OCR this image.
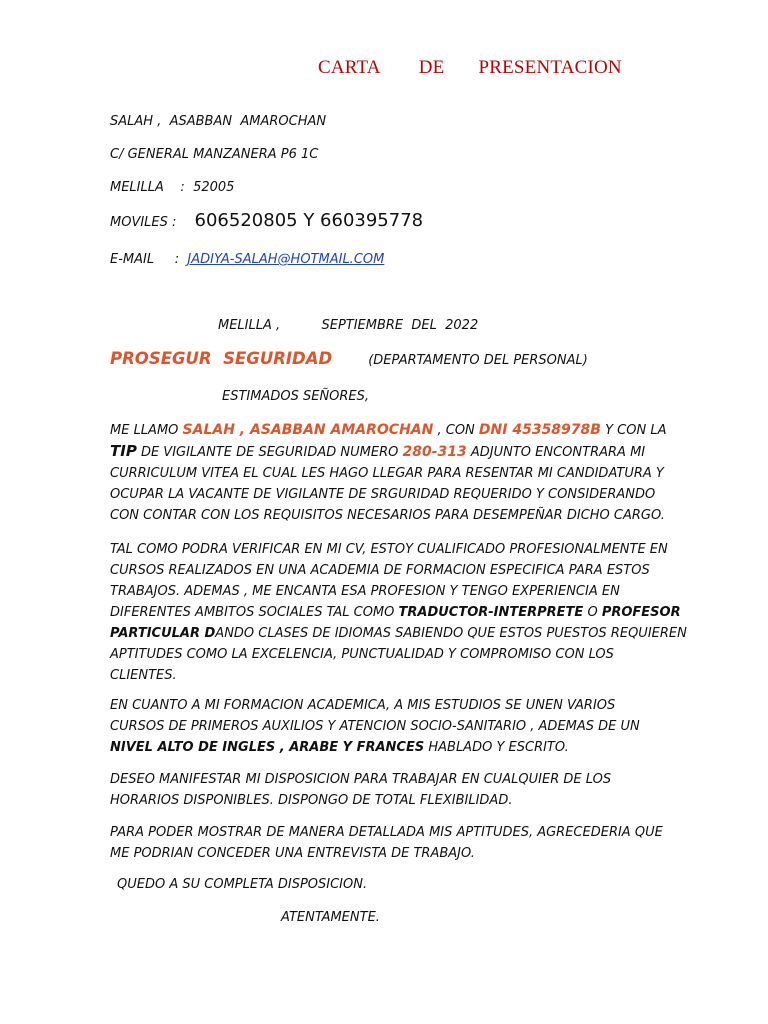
CARTA DE PRESENTACION
SALAH ,  ASABBAN  AMAROCHAN
C/ GENERAL MANZANERA P6 1C
MELILLA    :  52005
MOVILES : 606520805 Y 660395778
E-MAIL     :  JADIYA-SALAH@HOTMAIL.COM
MELILLA ,          SEPTIEMBRE  DEL  2022
PROSEGUR  SEGURIDAD	(DEPARTAMENTO DEL PERSONAL)
ESTIMADOS SEÑORES,

ME LLAMO SALAH , ASABBAN AMAROCHAN , CON DNI 45358978B Y CON LA

TIP DE VIGILANTE DE SEGURIDAD NUMERO 280-313 ADJUNTO ENCONTRARA MI

CURRICULUM VITEA EL CUAL LES HAGO LLEGAR PARA RESENTAR MI CANDIDATURA Y

OCUPAR LA VACANTE DE VIGILANTE DE SRGURIDAD REQUERIDO Y CONSIDERANDO

CON CONTAR CON LOS REQUISITOS NECESARIOS PARA DESEMPEÑAR DICHO CARGO.

TAL COMO PODRA VERIFICAR EN MI CV, ESTOY CUALIFICADO PROFESIONALMENTE EN

CURSOS REALIZADOS EN UNA ACADEMIA DE FORMACION ESPECIFICA PARA ESTOS

TRABAJOS. ADEMAS , ME ENCANTA ESA PROFESION Y TENGO EXPERIENCIA EN

DIFERENTES AMBITOS SOCIALES TAL COMO TRADUCTOR-INTERPRETE O PROFESOR

PARTICULAR DANDO CLASES DE IDIOMAS SABIENDO QUE ESTOS PUESTOS REQUIEREN

APTITUDES COMO LA EXCELENCIA, PUNCTUALIDAD Y COMPROMISO CON LOS

CLIENTES.

EN CUANTO A MI FORMACION ACADEMICA, A MIS ESTUDIOS SE UNEN VARIOS

CURSOS DE PRIMEROS AUXILIOS Y ATENCION SOCIO-SANITARIO , ADEMAS DE UN

NIVEL ALTO DE INGLES , ARABE Y FRANCES HABLADO Y ESCRITO.

DESEO MANIFESTAR MI DISPOSICION PARA TRABAJAR EN CUALQUIER DE LOS

HORARIOS DISPONIBLES. DISPONGO DE TOTAL FLEXIBILIDAD.

PARA PODER MOSTRAR DE MANERA DETALLADA MIS APTITUDES, AGRECEDERIA QUE

ME PODRIAN CONCEDER UNA ENTREVISTA DE TRABAJO.

QUEDO A SU COMPLETA DISPOSICION.
ATENTAMENTE.
